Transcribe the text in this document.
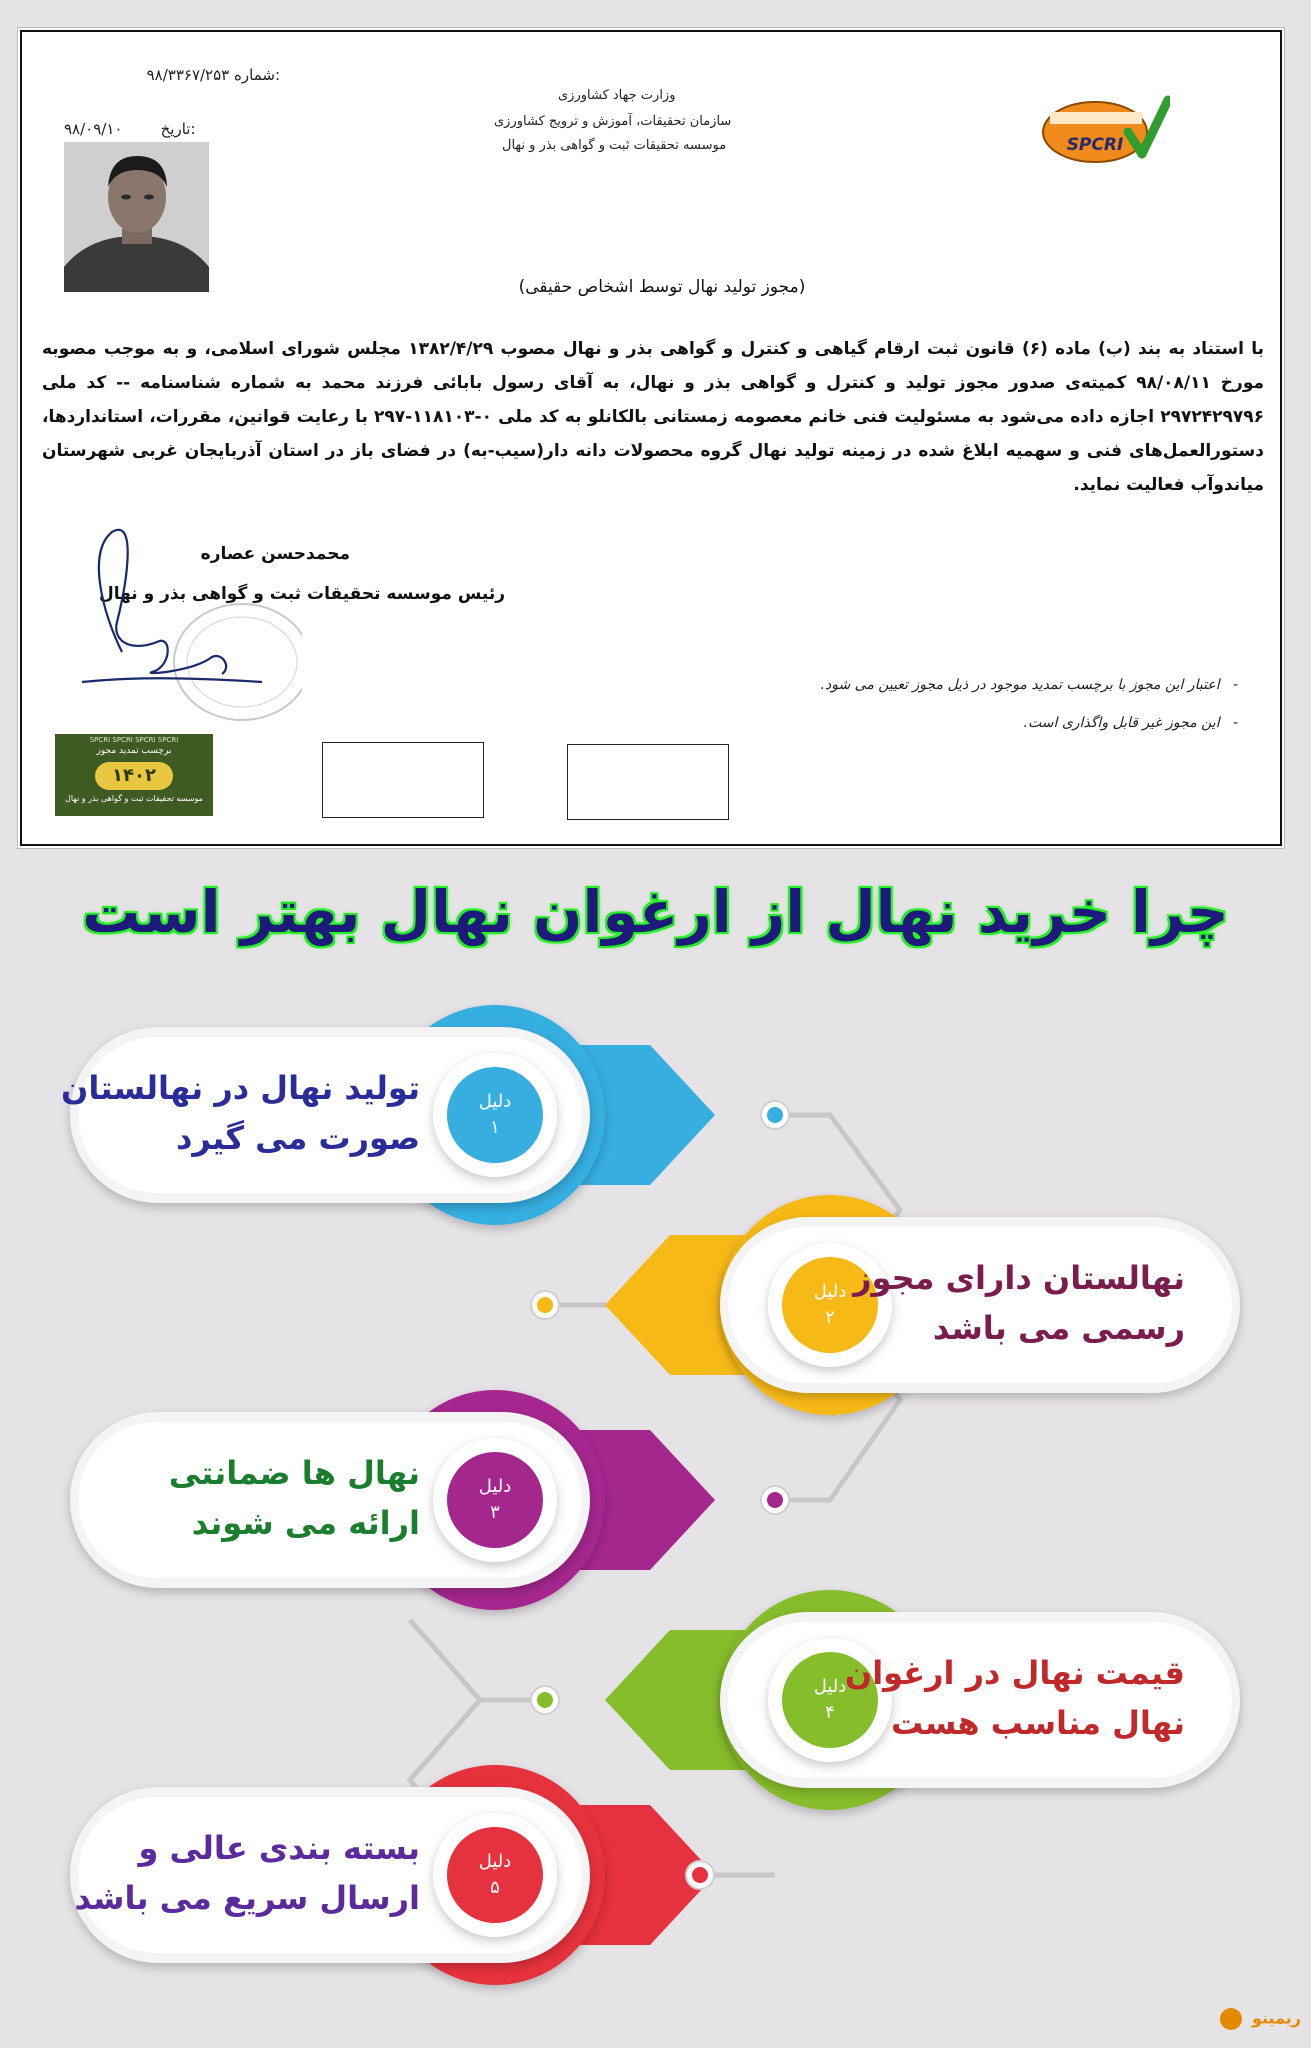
۹۸/۳۳۶۷/۲۵۳ شماره:
۹۸/۰۹/۱۰	تاریخ:
وزارت جهاد کشاورزی
سازمان تحقیقات، آموزش و ترویج کشاورزی
موسسه تحقیقات ثبت و گواهی بذر و نهال	SPCRI
(مجوز تولید نهال توسط اشخاص حقیقی)
با استناد به بند (ب) ماده (۶) قانون ثبت ارقام گیاهی و کنترل و گواهی بذر و نهال مصوب ۱۳۸۲/۴/۲۹ مجلس شورای اسلامی، و به موجب مصوبه مورخ ۹۸/۰۸/۱۱ کمیته‌ی صدور مجوز تولید و کنترل و گواهی بذر و نهال، به آقای رسول بابائی فرزند محمد به شماره شناسنامه -- کد ملی ۲۹۷۲۴۲۹۷۹۶ اجازه داده می‌شود به مسئولیت فنی خانم معصومه زمستانی بالکانلو به کد ملی ۰-۱۱۸۱۰۳-۲۹۷ با رعایت قوانین، مقررات، استانداردها، دستورالعمل‌های فنی و سهمیه ابلاغ شده در زمینه تولید نهال گروه محصولات دانه دار(سیب-به) در فضای باز در استان آذربایجان غربی شهرستان میاندوآب فعالیت نماید.
محمدحسن عصاره
رئیس موسسه تحقیقات ثبت و گواهی بذر و نهال
-   اعتبار این مجوز با برچسب تمدید موجود در ذیل مجوز تعیین می شود.
-   این مجوز غیر قابل واگذاری است.
SPCRI SPCRI SPCRI SPCRI
برچسب تمدید مجوز
۱۴۰۲
موسسه تحقیقات ثبت و گواهی بذر و نهال
چرا خرید نهال از ارغوان نهال بهتر است
دلیل
۱
تولید نهال در نهالستان
صورت می گیرد
دلیل
۲
نهالستان دارای مجوز
رسمی می باشد
دلیل
۳
نهال ها ضمانتی
ارائه می شوند
دلیل
۴
قیمت نهال در ارغوان
نهال مناسب هست
دلیل
۵
بسته بندی عالی و
ارسال سریع می باشد
ریمینو
